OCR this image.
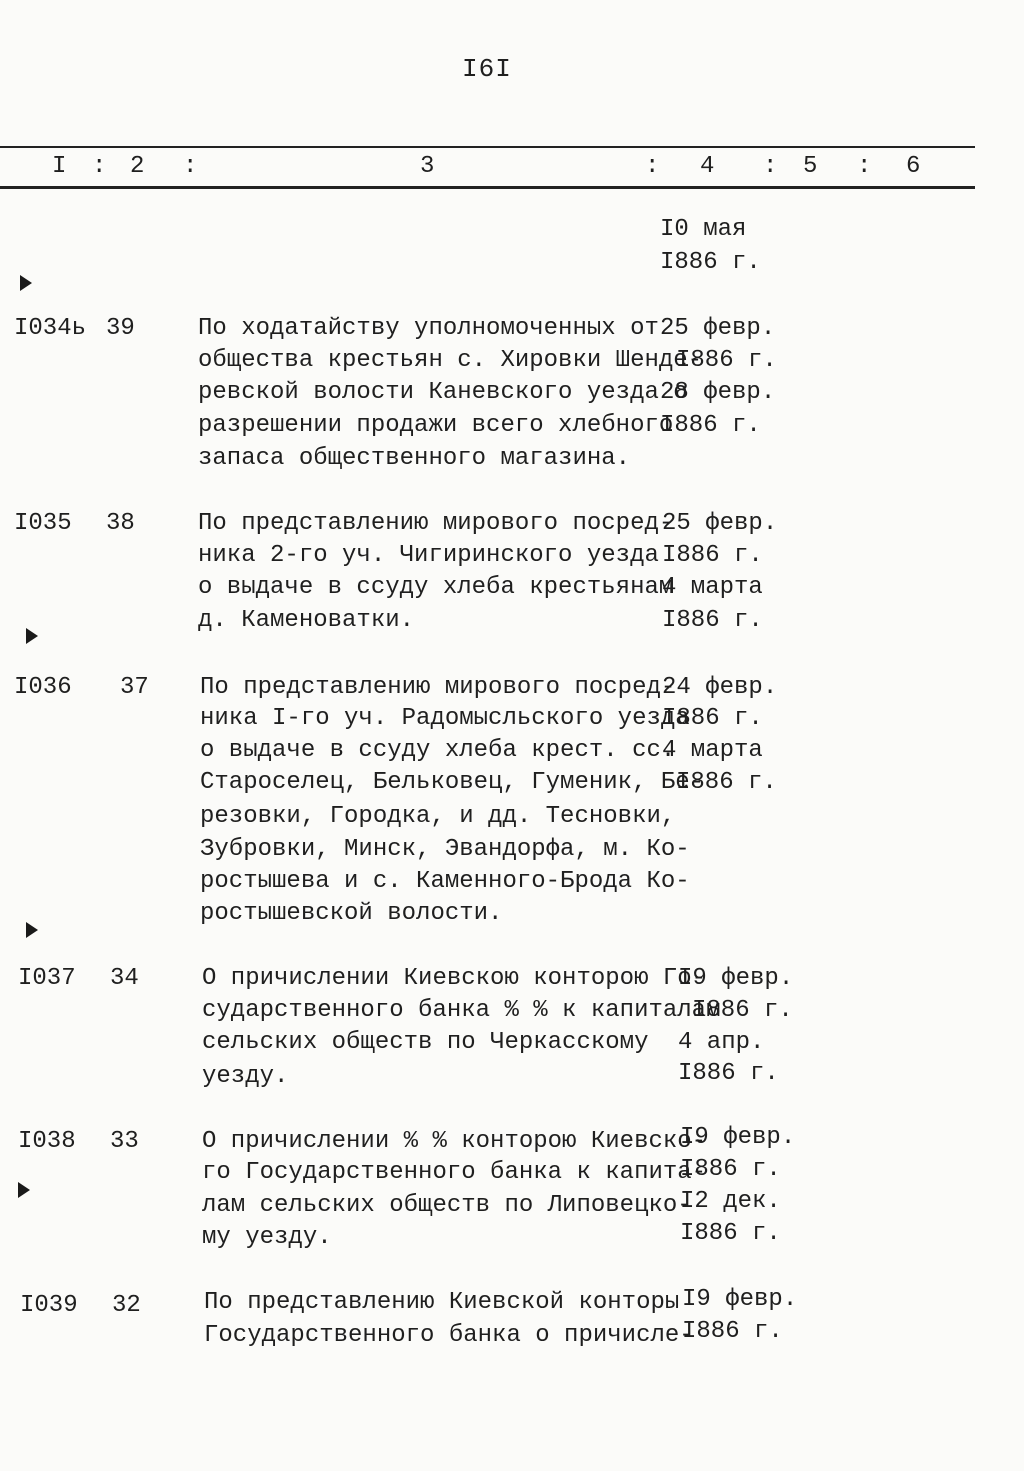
I6I
I : 2 :	3	: 4 : 5 : 6
I0 мая
I886 г.
I034ь 39	По ходатайству уполномоченных от
общества крестьян с. Хировки Шенде-
ревской волости Каневского уезда о
разрешении продажи всего хлебного
запаса общественного магазина.
25 февр.
I886 г.
28 февр.
I886 г.
I035 38	По представлению мирового посред-
ника 2-го уч. Чигиринского уезда
о выдаче в ссуду хлеба крестьянам
д. Каменоватки.
25 февр.
I886 г.
4 марта
I886 г.
I036 37 По представлению мирового посред-
ника I-го уч. Радомысльского уезда
о выдаче в ссуду хлеба крест. сс.
Староселец, Бельковец, Гуменик, Бе-
резовки, Городка, и дд. Тесновки,
Зубровки, Минск, Эвандорфа, м. Ко-
ростышева и с. Каменного-Брода Ко-
ростышевской волости.
24 февр.
I886 г.
4 марта
I886 г.
I037 34	О причислении Киевскою конторою Го-
сударственного банка % % к капиталам
сельских обществ по Черкасскому
уезду.
I9 февр.
I886 г.
4 апр.
I886 г.
I038 33	О причислении % % конторою Киевско-
го Государственного банка к капита-
лам сельских обществ по Липовецко-
му уезду.
I9 февр.
I886 г.
I2 дек.
I886 г.
I039 32	По представлению Киевской конторы
Государственного банка о причисле-
I9 февр.
I886 г.
